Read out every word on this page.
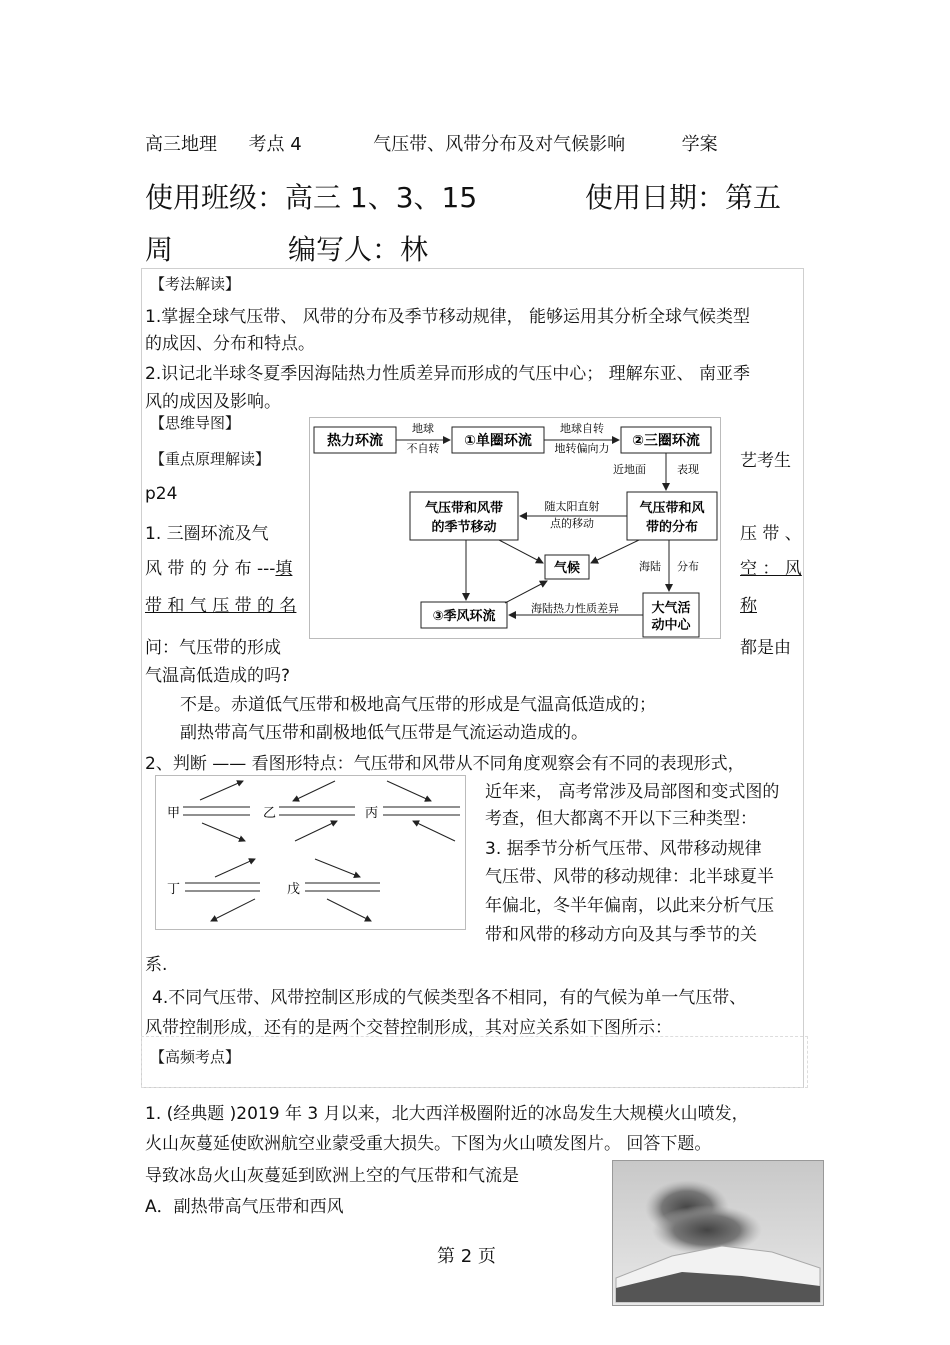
高三地理 考点 4	气压带、风带分布及对气候影响	学案
使用班级：高三 1、3、15	使用日期：第五
周	编写人：林
【考法解读】
1.掌握全球气压带、 风带的分布及季节移动规律， 能够运用其分析全球气候类型
的成因、分布和特点。
2.识记北半球冬夏季因海陆热力性质差异而形成的气压中心； 理解东亚、 南亚季
风的成因及影响。
【思维导图】
【重点原理解读】	艺考生
p24
1. 三圈环流及气	压 带 、
风 带 的 分 布 ---填	空 ： 风
带 和 气 压 带 的 名	称
问：气压带的形成	都是由
气温高低造成的吗?
不是。赤道低气压带和极地高气压带的形成是气温高低造成的；
副热带高气压带和副极地低气压带是气流运动造成的。
热力环流	①单圈环流	②三圈环流
气压带和风带
的季节移动
气压带和风
带的分布
气候
③季风环流
大气活
动中心
地球
不自转
地球自转
地转偏向力
近地面	表现
随太阳直射
点的移动
海陆 分布
海陆热力性质差异
2、判断 —— 看图形特点：气压带和风带从不同角度观察会有不同的表现形式，
甲	乙	丙
丁	戊
近年来， 高考常涉及局部图和变式图的
考查，但大都离不开以下三种类型：
3. 据季节分析气压带、风带移动规律
气压带、风带的移动规律：北半球夏半
年偏北，冬半年偏南，以此来分析气压
带和风带的移动方向及其与季节的关
系.
4.不同气压带、风带控制区形成的气候类型各不相同，有的气候为单一气压带、
风带控制形成，还有的是两个交替控制形成，其对应关系如下图所示：
【高频考点】
1. (经典题 )2019 年 3 月以来，北大西洋极圈附近的冰岛发生大规模火山喷发，
火山灰蔓延使欧洲航空业蒙受重大损失。下图为火山喷发图片。 回答下题。
导致冰岛火山灰蔓延到欧洲上空的气压带和气流是
A．副热带高气压带和西风
第 2 页
